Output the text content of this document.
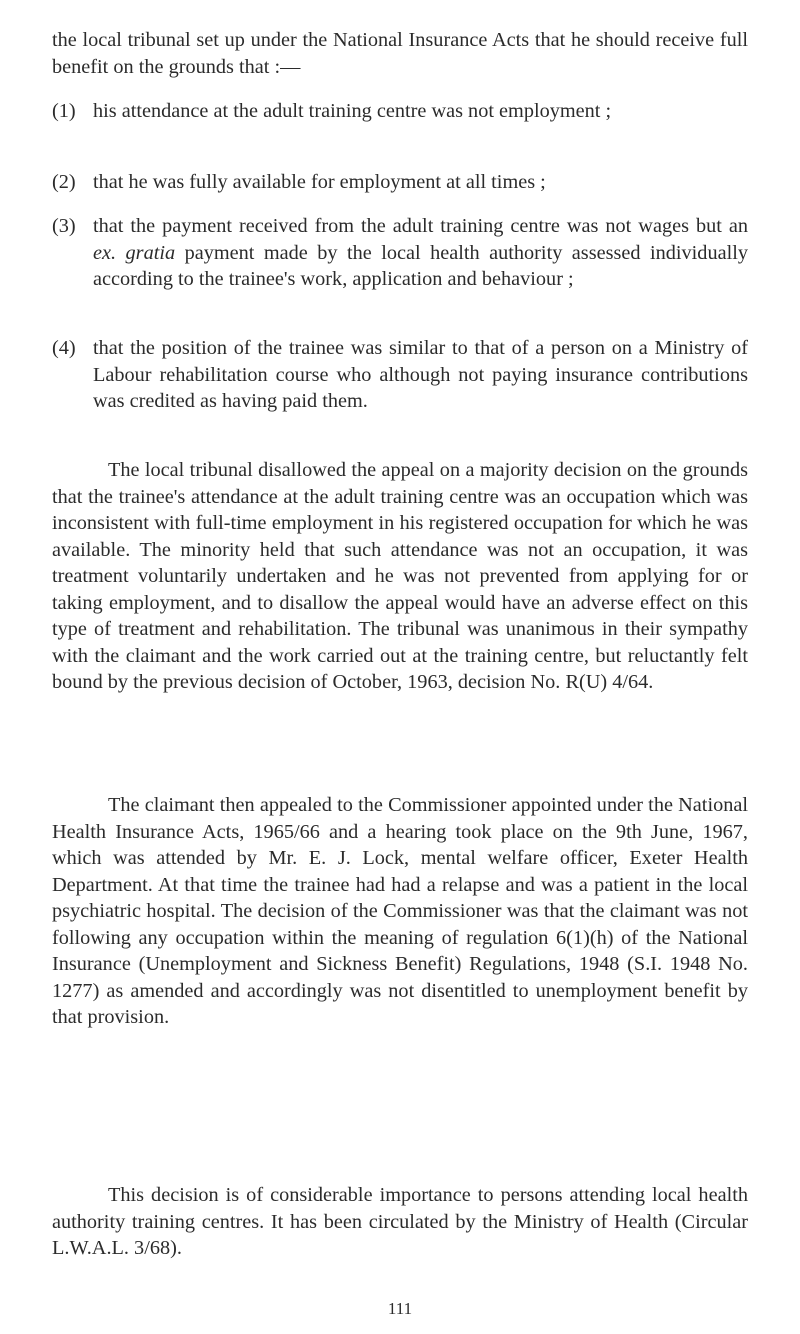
the local tribunal set up under the National Insurance Acts that he should receive full benefit on the grounds that :—

(1) his attendance at the adult training centre was not employment ;
(2) that he was fully available for employment at all times ;
(3) that the payment received from the adult training centre was not wages but an ex. gratia payment made by the local health authority assessed individually according to the trainee's work, application and behaviour ;
(4) that the position of the trainee was similar to that of a person on a Ministry of Labour rehabilitation course who although not paying insurance contributions was credited as having paid them.

The local tribunal disallowed the appeal on a majority decision on the grounds that the trainee's attendance at the adult training centre was an occupation which was inconsistent with full-time employment in his registered occupation for which he was available. The minority held that such attendance was not an occupation, it was treatment voluntarily undertaken and he was not prevented from applying for or taking employment, and to disallow the appeal would have an adverse effect on this type of treatment and rehabilitation. The tribunal was unanimous in their sympathy with the claimant and the work carried out at the training centre, but reluctantly felt bound by the previous decision of October, 1963, decision No. R(U) 4/64.

The claimant then appealed to the Commissioner appointed under the National Health Insurance Acts, 1965/66 and a hearing took place on the 9th June, 1967, which was attended by Mr. E. J. Lock, mental welfare officer, Exeter Health Department. At that time the trainee had had a relapse and was a patient in the local psychiatric hospital. The decision of the Commissioner was that the claimant was not following any occupation within the meaning of regulation 6(1)(h) of the National Insurance (Unemployment and Sickness Benefit) Regulations, 1948 (S.I. 1948 No. 1277) as amended and accordingly was not disentitled to unemployment benefit by that provision.

This decision is of considerable importance to persons attending local health authority training centres. It has been circulated by the Ministry of Health (Circular L.W.A.L. 3/68).

111
